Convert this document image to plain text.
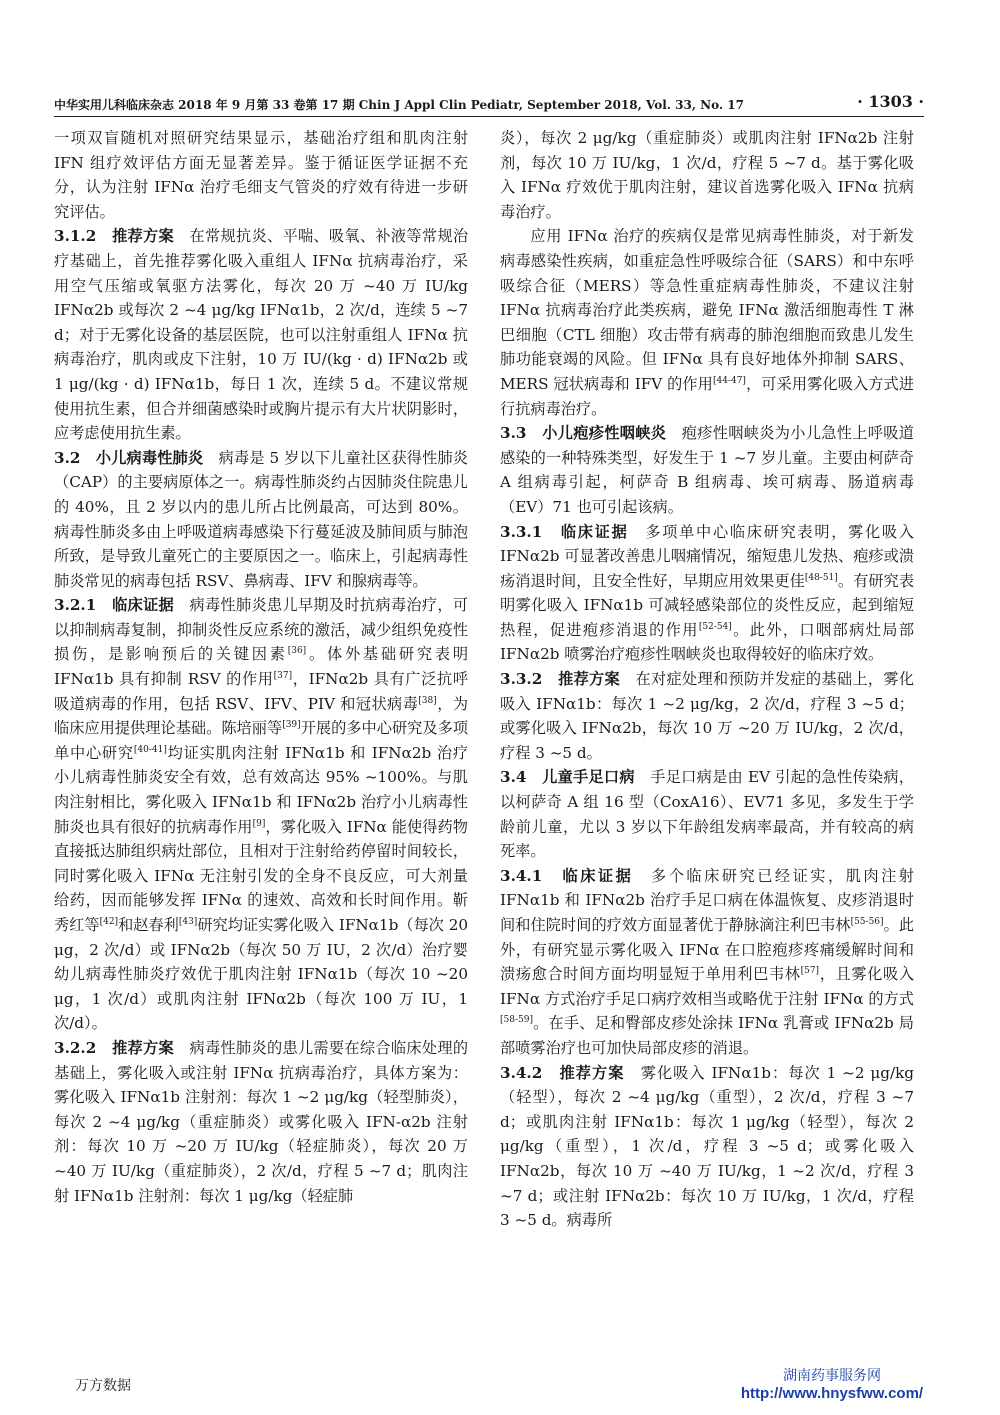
中华实用儿科临床杂志 2018 年 9 月第 33 卷第 17 期 Chin J Appl Clin Pediatr, September 2018, Vol. 33, No. 17	· 1303 ·

一项双盲随机对照研究结果显示，基础治疗组和肌肉注射 IFN 组疗效评估方面无显著差异。鉴于循证医学证据不充分，认为注射 IFNα 治疗毛细支气管炎的疗效有待进一步研究评估。

3.1.2　推荐方案　在常规抗炎、平喘、吸氧、补液等常规治疗基础上，首先推荐雾化吸入重组人 IFNα 抗病毒治疗，采用空气压缩或氧驱方法雾化，每次 20 万 ~40 万 IU/kg IFNα2b 或每次 2 ~4 μg/kg IFNα1b，2 次/d，连续 5 ~7 d；对于无雾化设备的基层医院，也可以注射重组人 IFNα 抗病毒治疗，肌肉或皮下注射，10 万 IU/(kg · d) IFNα2b 或 1 μg/(kg · d) IFNα1b，每日 1 次，连续 5 d。不建议常规使用抗生素，但合并细菌感染时或胸片提示有大片状阴影时，应考虑使用抗生素。

3.2　小儿病毒性肺炎　病毒是 5 岁以下儿童社区获得性肺炎（CAP）的主要病原体之一。病毒性肺炎约占因肺炎住院患儿的 40%，且 2 岁以内的患儿所占比例最高，可达到 80%。病毒性肺炎多由上呼吸道病毒感染下行蔓延波及肺间质与肺泡所致，是导致儿童死亡的主要原因之一。临床上，引起病毒性肺炎常见的病毒包括 RSV、鼻病毒、IFV 和腺病毒等。

3.2.1　临床证据　病毒性肺炎患儿早期及时抗病毒治疗，可以抑制病毒复制，抑制炎性反应系统的激活，减少组织免疫性损伤，是影响预后的关键因素[36]。体外基础研究表明 IFNα1b 具有抑制 RSV 的作用[37]，IFNα2b 具有广泛抗呼吸道病毒的作用，包括 RSV、IFV、PIV 和冠状病毒[38]，为临床应用提供理论基础。陈培丽等[39]开展的多中心研究及多项单中心研究[40-41]均证实肌肉注射 IFNα1b 和 IFNα2b 治疗小儿病毒性肺炎安全有效，总有效高达 95% ~100%。与肌肉注射相比，雾化吸入 IFNα1b 和 IFNα2b 治疗小儿病毒性肺炎也具有很好的抗病毒作用[9]，雾化吸入 IFNα 能使得药物直接抵达肺组织病灶部位，且相对于注射给药停留时间较长，同时雾化吸入 IFNα 无注射引发的全身不良反应，可大剂量给药，因而能够发挥 IFNα 的速效、高效和长时间作用。靳秀红等[42]和赵春利[43]研究均证实雾化吸入 IFNα1b（每次 20 μg，2 次/d）或 IFNα2b（每次 50 万 IU，2 次/d）治疗婴幼儿病毒性肺炎疗效优于肌肉注射 IFNα1b（每次 10 ~20 μg，1 次/d）或肌肉注射 IFNα2b（每次 100 万 IU，1 次/d）。

3.2.2　推荐方案　病毒性肺炎的患儿需要在综合临床处理的基础上，雾化吸入或注射 IFNα 抗病毒治疗，具体方案为：雾化吸入 IFNα1b 注射剂：每次 1 ~2 μg/kg（轻型肺炎），每次 2 ~4 μg/kg（重症肺炎）或雾化吸入 IFN-α2b 注射剂：每次 10 万 ~20 万 IU/kg（轻症肺炎），每次 20 万 ~40 万 IU/kg（重症肺炎），2 次/d，疗程 5 ~7 d；肌肉注射 IFNα1b 注射剂：每次 1 μg/kg（轻症肺

炎），每次 2 μg/kg（重症肺炎）或肌肉注射 IFNα2b 注射剂，每次 10 万 IU/kg，1 次/d，疗程 5 ~7 d。基于雾化吸入 IFNα 疗效优于肌肉注射，建议首选雾化吸入 IFNα 抗病毒治疗。

应用 IFNα 治疗的疾病仅是常见病毒性肺炎，对于新发病毒感染性疾病，如重症急性呼吸综合征（SARS）和中东呼吸综合征（MERS）等急性重症病毒性肺炎，不建议注射 IFNα 抗病毒治疗此类疾病，避免 IFNα 激活细胞毒性 T 淋巴细胞（CTL 细胞）攻击带有病毒的肺泡细胞而致患儿发生肺功能衰竭的风险。但 IFNα 具有良好地体外抑制 SARS、MERS 冠状病毒和 IFV 的作用[44-47]，可采用雾化吸入方式进行抗病毒治疗。

3.3　小儿疱疹性咽峡炎　疱疹性咽峡炎为小儿急性上呼吸道感染的一种特殊类型，好发生于 1 ~7 岁儿童。主要由柯萨奇 A 组病毒引起，柯萨奇 B 组病毒、埃可病毒、肠道病毒（EV）71 也可引起该病。

3.3.1　临床证据　多项单中心临床研究表明，雾化吸入 IFNα2b 可显著改善患儿咽痛情况，缩短患儿发热、疱疹或溃疡消退时间，且安全性好，早期应用效果更佳[48-51]。有研究表明雾化吸入 IFNα1b 可减轻感染部位的炎性反应，起到缩短热程，促进疱疹消退的作用[52-54]。此外，口咽部病灶局部 IFNα2b 喷雾治疗疱疹性咽峡炎也取得较好的临床疗效。

3.3.2　推荐方案　在对症处理和预防并发症的基础上，雾化吸入 IFNα1b：每次 1 ~2 μg/kg，2 次/d，疗程 3 ~5 d；或雾化吸入 IFNα2b，每次 10 万 ~20 万 IU/kg，2 次/d，疗程 3 ~5 d。

3.4　儿童手足口病　手足口病是由 EV 引起的急性传染病，以柯萨奇 A 组 16 型（CoxA16）、EV71 多见，多发生于学龄前儿童，尤以 3 岁以下年龄组发病率最高，并有较高的病死率。

3.4.1　临床证据　多个临床研究已经证实，肌肉注射 IFNα1b 和 IFNα2b 治疗手足口病在体温恢复、皮疹消退时间和住院时间的疗效方面显著优于静脉滴注利巴韦林[55-56]。此外，有研究显示雾化吸入 IFNα 在口腔疱疹疼痛缓解时间和溃疡愈合时间方面均明显短于单用利巴韦林[57]，且雾化吸入 IFNα 方式治疗手足口病疗效相当或略优于注射 IFNα 的方式[58-59]。在手、足和臀部皮疹处涂抹 IFNα 乳膏或 IFNα2b 局部喷雾治疗也可加快局部皮疹的消退。

3.4.2　推荐方案　雾化吸入 IFNα1b：每次 1 ~2 μg/kg（轻型），每次 2 ~4 μg/kg（重型），2 次/d，疗程 3 ~7 d；或肌肉注射 IFNα1b：每次 1 μg/kg（轻型），每次 2 μg/kg（重型），1 次/d，疗程 3 ~5 d；或雾化吸入 IFNα2b，每次 10 万 ~40 万 IU/kg，1 ~2 次/d，疗程 3 ~7 d；或注射 IFNα2b：每次 10 万 IU/kg，1 次/d，疗程 3 ~5 d。病毒所

万方数据
湖南药事服务网
http://www.hnysfww.com/
